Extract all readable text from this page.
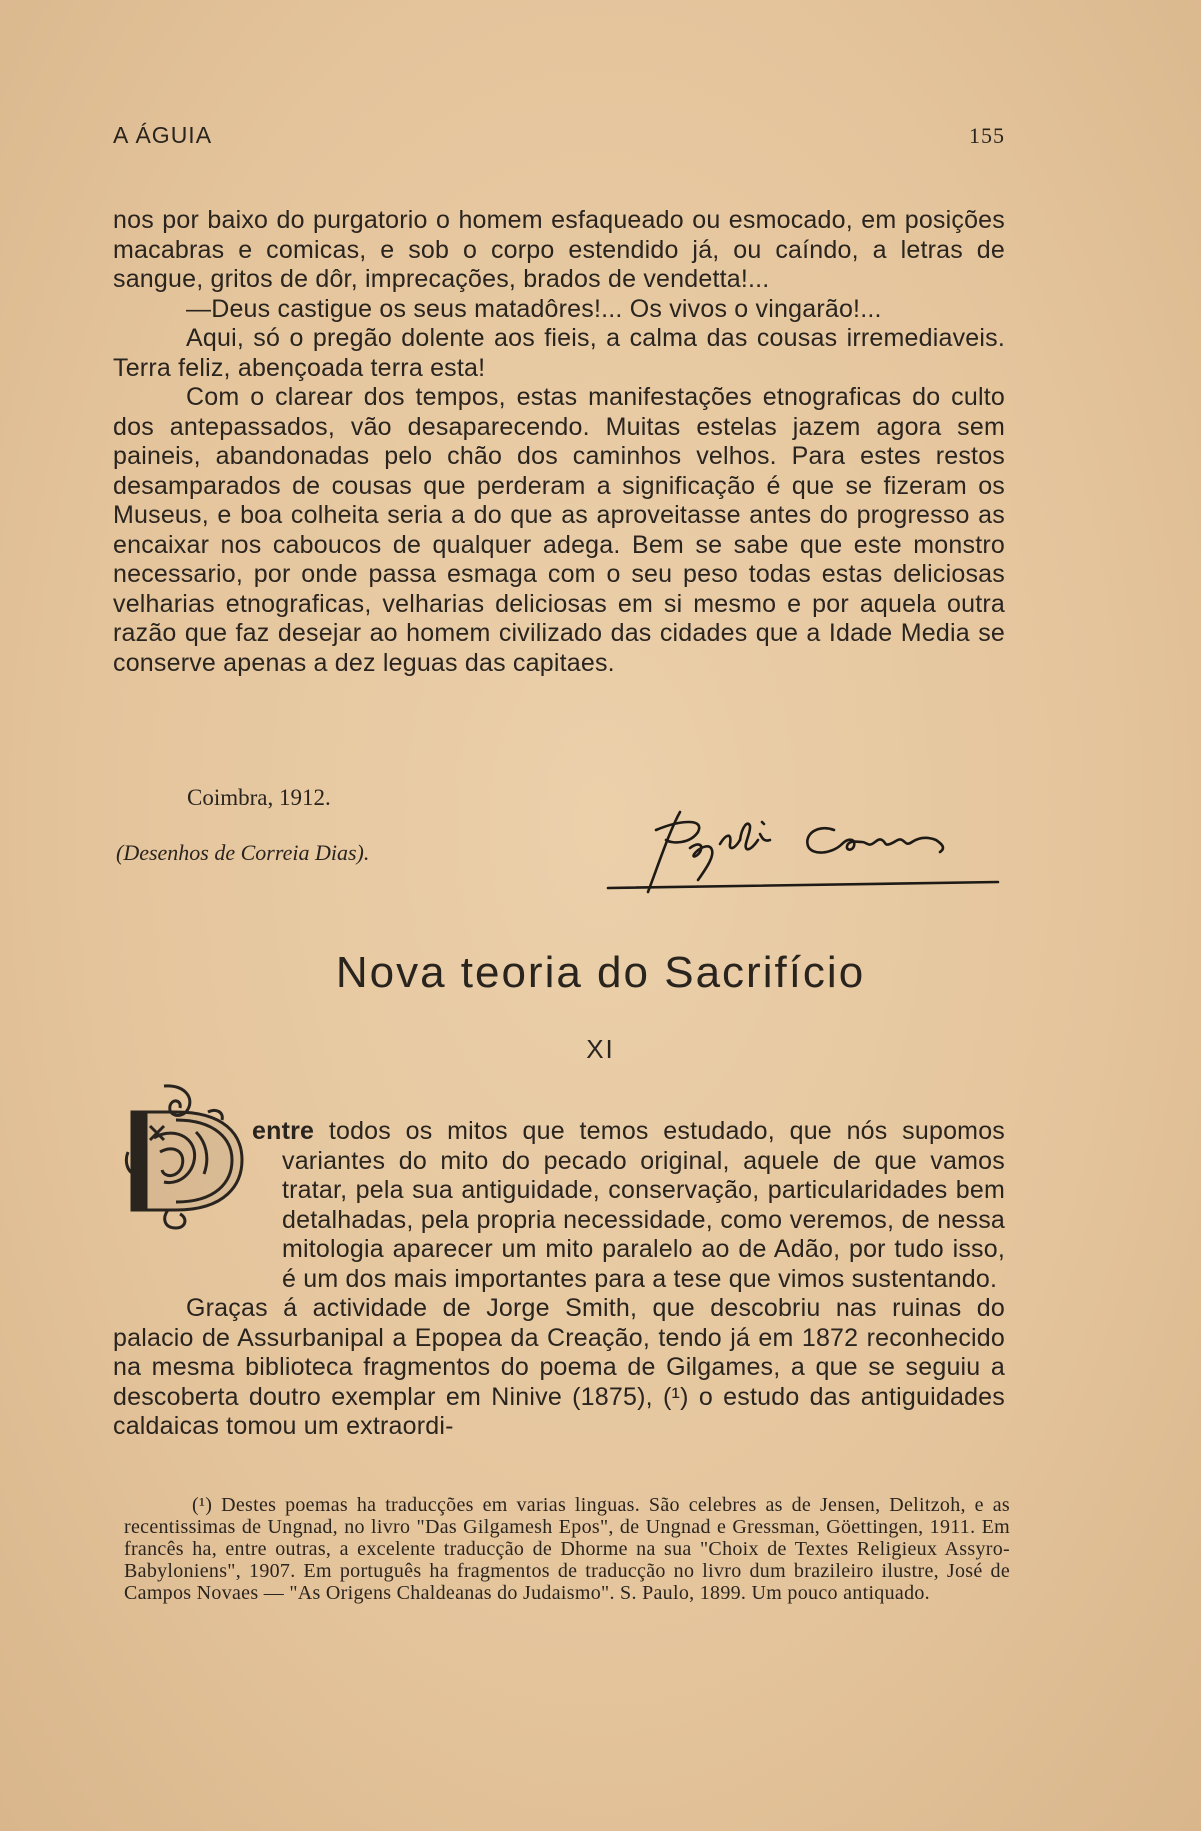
A ÁGUIA	155

nos por baixo do purgatorio o homem esfaqueado ou esmocado, em posições macabras e comicas, e sob o corpo estendido já, ou caíndo, a letras de sangue, gritos de dôr, imprecações, brados de vendetta!...

—Deus castigue os seus matadôres!... Os vivos o vingarão!...

Aqui, só o pregão dolente aos fieis, a calma das cousas irremediaveis. Terra feliz, abençoada terra esta!

Com o clarear dos tempos, estas manifestações etnograficas do culto dos antepassados, vão desaparecendo. Muitas estelas jazem agora sem paineis, abandonadas pelo chão dos caminhos velhos. Para estes restos desamparados de cousas que perderam a significação é que se fizeram os Museus, e boa colheita seria a do que as aproveitasse antes do progresso as encaixar nos caboucos de qualquer adega. Bem se sabe que este monstro necessario, por onde passa esmaga com o seu peso todas estas deliciosas velharias etnograficas, velharias deliciosas em si mesmo e por aquela outra razão que faz desejar ao homem civilizado das cidades que a Idade Media se conserve apenas a dez leguas das capitaes.

Coimbra, 1912.
(Desenhos de Correia Dias).
Nova teoria do Sacrifício
XI
D

entre todos os mitos que temos estudado, que nós supomos variantes do mito do pecado original, aquele de que vamos tratar, pela sua antiguidade, conservação, particularidades bem detalhadas, pela propria necessidade, como veremos, de nessa mitologia aparecer um mito paralelo ao de Adão, por tudo isso, é um dos mais importantes para a tese que vimos sustentando.

Graças á actividade de Jorge Smith, que descobriu nas ruinas do palacio de Assurbanipal a Epopea da Creação, tendo já em 1872 reconhecido na mesma biblioteca fragmentos do poema de Gilgames, a que se seguiu a descoberta doutro exemplar em Ninive (1875), (¹) o estudo das antiguidades caldaicas tomou um extraordi-

(¹) Destes poemas ha traducções em varias linguas. São celebres as de Jensen, Delitzoh, e as recentissimas de Ungnad, no livro "Das Gilgamesh Epos", de Ungnad e Gressman, Göettingen, 1911. Em francês ha, entre outras, a excelente traducção de Dhorme na sua "Choix de Textes Religieux Assyro-Babyloniens", 1907. Em português ha fragmentos de traducção no livro dum brazileiro ilustre, José de Campos Novaes — "As Origens Chaldeanas do Judaismo". S. Paulo, 1899. Um pouco antiquado.
